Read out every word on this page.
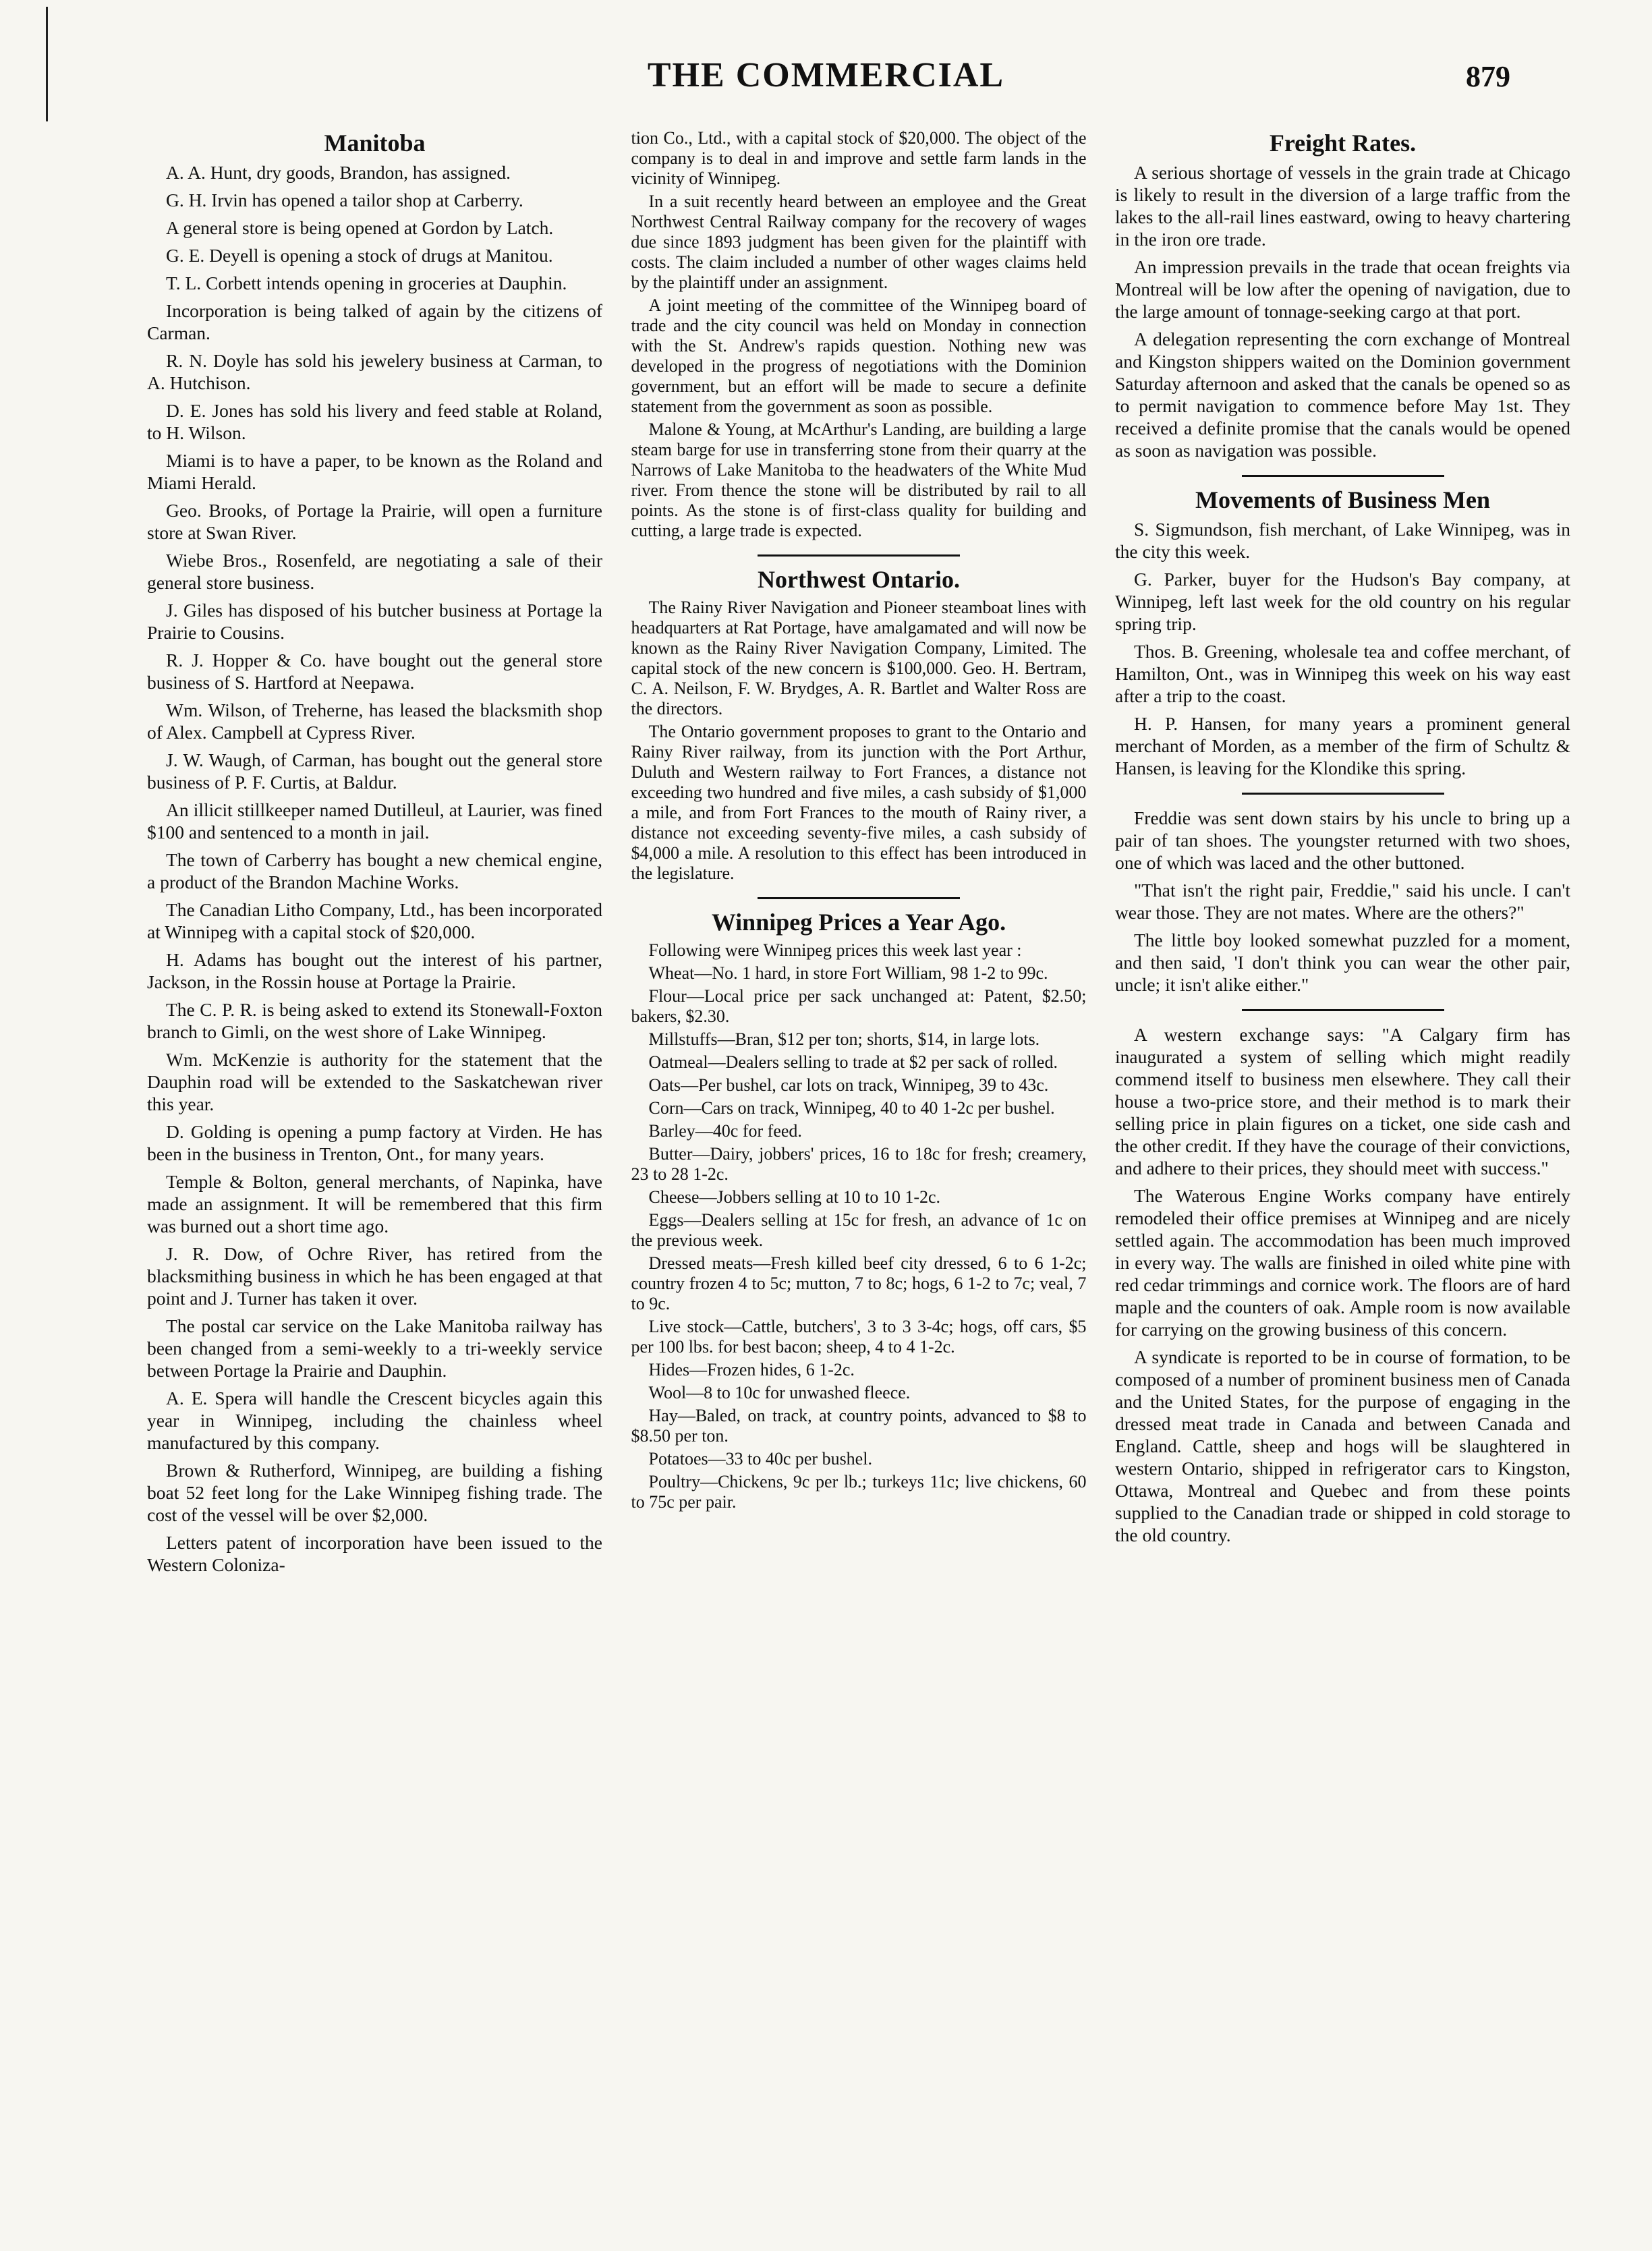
THE COMMERCIAL	879
Manitoba

A. A. Hunt, dry goods, Brandon, has assigned.

G. H. Irvin has opened a tailor shop at Carberry.

A general store is being opened at Gordon by Latch.

G. E. Deyell is opening a stock of drugs at Manitou.

T. L. Corbett intends opening in groceries at Dauphin.

Incorporation is being talked of again by the citizens of Carman.

R. N. Doyle has sold his jewelery business at Carman, to A. Hutchison.

D. E. Jones has sold his livery and feed stable at Roland, to H. Wilson.

Miami is to have a paper, to be known as the Roland and Miami Herald.

Geo. Brooks, of Portage la Prairie, will open a furniture store at Swan River.

Wiebe Bros., Rosenfeld, are negotiating a sale of their general store business.

J. Giles has disposed of his butcher business at Portage la Prairie to Cousins.

R. J. Hopper & Co. have bought out the general store business of S. Hartford at Neepawa.

Wm. Wilson, of Treherne, has leased the blacksmith shop of Alex. Campbell at Cypress River.

J. W. Waugh, of Carman, has bought out the general store business of P. F. Curtis, at Baldur.

An illicit stillkeeper named Dutilleul, at Laurier, was fined $100 and sentenced to a month in jail.

The town of Carberry has bought a new chemical engine, a product of the Brandon Machine Works.

The Canadian Litho Company, Ltd., has been incorporated at Winnipeg with a capital stock of $20,000.

H. Adams has bought out the interest of his partner, Jackson, in the Rossin house at Portage la Prairie.

The C. P. R. is being asked to extend its Stonewall-Foxton branch to Gimli, on the west shore of Lake Winnipeg.

Wm. McKenzie is authority for the statement that the Dauphin road will be extended to the Saskatchewan river this year.

D. Golding is opening a pump factory at Virden. He has been in the business in Trenton, Ont., for many years.

Temple & Bolton, general merchants, of Napinka, have made an assignment. It will be remembered that this firm was burned out a short time ago.

J. R. Dow, of Ochre River, has retired from the blacksmithing business in which he has been engaged at that point and J. Turner has taken it over.

The postal car service on the Lake Manitoba railway has been changed from a semi-weekly to a tri-weekly service between Portage la Prairie and Dauphin.

A. E. Spera will handle the Crescent bicycles again this year in Winnipeg, including the chainless wheel manufactured by this company.

Brown & Rutherford, Winnipeg, are building a fishing boat 52 feet long for the Lake Winnipeg fishing trade. The cost of the vessel will be over $2,000.

Letters patent of incorporation have been issued to the Western Coloniza-

tion Co., Ltd., with a capital stock of $20,000. The object of the company is to deal in and improve and settle farm lands in the vicinity of Winnipeg.

In a suit recently heard between an employee and the Great Northwest Central Railway company for the recovery of wages due since 1893 judgment has been given for the plaintiff with costs. The claim included a number of other wages claims held by the plaintiff under an assignment.

A joint meeting of the committee of the Winnipeg board of trade and the city council was held on Monday in connection with the St. Andrew's rapids question. Nothing new was developed in the progress of negotiations with the Dominion government, but an effort will be made to secure a definite statement from the government as soon as possible.

Malone & Young, at McArthur's Landing, are building a large steam barge for use in transferring stone from their quarry at the Narrows of Lake Manitoba to the headwaters of the White Mud river. From thence the stone will be distributed by rail to all points. As the stone is of first-class quality for building and cutting, a large trade is expected.

Northwest Ontario.

The Rainy River Navigation and Pioneer steamboat lines with headquarters at Rat Portage, have amalgamated and will now be known as the Rainy River Navigation Company, Limited. The capital stock of the new concern is $100,000. Geo. H. Bertram, C. A. Neilson, F. W. Brydges, A. R. Bartlet and Walter Ross are the directors.

The Ontario government proposes to grant to the Ontario and Rainy River railway, from its junction with the Port Arthur, Duluth and Western railway to Fort Frances, a distance not exceeding two hundred and five miles, a cash subsidy of $1,000 a mile, and from Fort Frances to the mouth of Rainy river, a distance not exceeding seventy-five miles, a cash subsidy of $4,000 a mile. A resolution to this effect has been introduced in the legislature.

Winnipeg Prices a Year Ago.

Following were Winnipeg prices this week last year :

Wheat—No. 1 hard, in store Fort William, 98 1-2 to 99c.

Flour—Local price per sack unchanged at: Patent, $2.50; bakers, $2.30.

Millstuffs—Bran, $12 per ton; shorts, $14, in large lots.

Oatmeal—Dealers selling to trade at $2 per sack of rolled.

Oats—Per bushel, car lots on track, Winnipeg, 39 to 43c.

Corn—Cars on track, Winnipeg, 40 to 40 1-2c per bushel.

Barley—40c for feed.

Butter—Dairy, jobbers' prices, 16 to 18c for fresh; creamery, 23 to 28 1-2c.

Cheese—Jobbers selling at 10 to 10 1-2c.

Eggs—Dealers selling at 15c for fresh, an advance of 1c on the previous week.

Dressed meats—Fresh killed beef city dressed, 6 to 6 1-2c; country frozen 4 to 5c; mutton, 7 to 8c; hogs, 6 1-2 to 7c; veal, 7 to 9c.

Live stock—Cattle, butchers', 3 to 3 3-4c; hogs, off cars, $5 per 100 lbs. for best bacon; sheep, 4 to 4 1-2c.

Hides—Frozen hides, 6 1-2c.

Wool—8 to 10c for unwashed fleece.

Hay—Baled, on track, at country points, advanced to $8 to $8.50 per ton.

Potatoes—33 to 40c per bushel.

Poultry—Chickens, 9c per lb.; turkeys 11c; live chickens, 60 to 75c per pair.

Freight Rates.

A serious shortage of vessels in the grain trade at Chicago is likely to result in the diversion of a large traffic from the lakes to the all-rail lines eastward, owing to heavy chartering in the iron ore trade.

An impression prevails in the trade that ocean freights via Montreal will be low after the opening of navigation, due to the large amount of tonnage-seeking cargo at that port.

A delegation representing the corn exchange of Montreal and Kingston shippers waited on the Dominion government Saturday afternoon and asked that the canals be opened so as to permit navigation to commence before May 1st. They received a definite promise that the canals would be opened as soon as navigation was possible.

Movements of Business Men

S. Sigmundson, fish merchant, of Lake Winnipeg, was in the city this week.

G. Parker, buyer for the Hudson's Bay company, at Winnipeg, left last week for the old country on his regular spring trip.

Thos. B. Greening, wholesale tea and coffee merchant, of Hamilton, Ont., was in Winnipeg this week on his way east after a trip to the coast.

H. P. Hansen, for many years a prominent general merchant of Morden, as a member of the firm of Schultz & Hansen, is leaving for the Klondike this spring.

Freddie was sent down stairs by his uncle to bring up a pair of tan shoes. The youngster returned with two shoes, one of which was laced and the other buttoned.

"That isn't the right pair, Freddie," said his uncle. I can't wear those. They are not mates. Where are the others?"

The little boy looked somewhat puzzled for a moment, and then said, 'I don't think you can wear the other pair, uncle; it isn't alike either."

A western exchange says: "A Calgary firm has inaugurated a system of selling which might readily commend itself to business men elsewhere. They call their house a two-price store, and their method is to mark their selling price in plain figures on a ticket, one side cash and the other credit. If they have the courage of their convictions, and adhere to their prices, they should meet with success."

The Waterous Engine Works company have entirely remodeled their office premises at Winnipeg and are nicely settled again. The accommodation has been much improved in every way. The walls are finished in oiled white pine with red cedar trimmings and cornice work. The floors are of hard maple and the counters of oak. Ample room is now available for carrying on the growing business of this concern.

A syndicate is reported to be in course of formation, to be composed of a number of prominent business men of Canada and the United States, for the purpose of engaging in the dressed meat trade in Canada and between Canada and England. Cattle, sheep and hogs will be slaughtered in western Ontario, shipped in refrigerator cars to Kingston, Ottawa, Montreal and Quebec and from these points supplied to the Canadian trade or shipped in cold storage to the old country.
